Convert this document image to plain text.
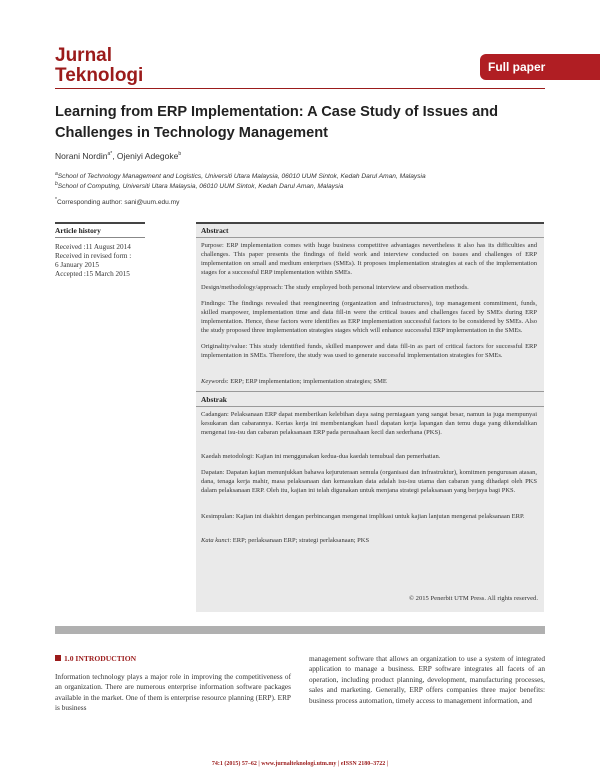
Jurnal
Teknologi	Full paper
Learning from ERP Implementation: A Case Study of Issues and Challenges in Technology Management
Norani Nordin$^{a*}$, Ojeniyi Adegoke$^b$
$^a$School of Technology Management and Logistics, Universiti Utara Malaysia, 06010 UUM Sintok, Kedah Darul Aman, Malaysia
$^b$School of Computing, Universiti Utara Malaysia, 06010 UUM Sintok, Kedah Darul Aman, Malaysia
*Corresponding author: sani@uum.edu.my
Article history
Received :11 August 2014
Received in revised form :
6 January 2015
Accepted :15 March 2015
Abstract
Purpose: ERP implementation comes with huge business competitive advantages nevertheless it also has its difficulties and challenges. This paper presents the findings of field work and interview conducted on issues and challenges of ERP implementation on small and medium enterprises (SMEs). It proposes implementation strategies at each of the implementation stages for a successful ERP implementation within SMEs.
Design/methodology/approach: The study employed both personal interview and observation methods.
Findings: The findings revealed that reengineering (organization and infrastructures), top management commitment, funds, skilled manpower, implementation time and data fill-in were the critical issues and challenges faced by SMEs during ERP implementation. Hence, these factors were identifies as ERP implementation successful factors to be considered by SMEs. Also the study proposed three implementation strategies stages which will enhance successful ERP implementation in the SMEs.
Originality/value: This study identified funds, skilled manpower and data fill-in as part of critical factors for successful ERP implementation in SMEs. Therefore, the study was used to generate successful implementation strategies for SMEs.
Keywords: ERP; ERP implementation; implementation strategies; SME
Abstrak
Cadangan: Pelaksanaan ERP dapat memberikan kelebihan daya saing perniagaan yang sangat besar, namun ia juga mempunyai kesukaran dan cabarannya. Kertas kerja ini membentangkan hasil dapatan kerja lapangan dan temu duga yang dikendalikan mengenai isu-isu dan cabaran pelaksanaan ERP pada perusahaan kecil dan sederhana (PKS).
Kaedah metodologi: Kajian ini menggunakan kedua-dua kaedah temubual dan pemerhatian.
Dapatan: Dapatan kajian menunjukkan bahawa kejuruteraan semula (organisasi dan infrastruktur), komitmen pengurusan atasan, dana, tenaga kerja mahir, masa pelaksanaan dan kemasukan data adalah isu-isu utama dan cabaran yang dihadapi oleh PKS dalam pelaksanaan ERP. Oleh itu, kajian ini telah digunakan untuk menjana strategi pelaksanaan yang berjaya bagi PKS.
Kesimpulan: Kajian ini diakhiri dengan perbincangan mengenai implikasi untuk kajian lanjutan mengenai pelaksanaan ERP.
Kata kunci: ERP; perlaksanaan ERP; strategi perlaksanaan; PKS
© 2015 Penerbit UTM Press. All rights reserved.
1.0 INTRODUCTION
Information technology plays a major role in improving the competitiveness of an organization. There are numerous enterprise information software packages available in the market. One of them is enterprise resource planning (ERP). ERP is business
management software that allows an organization to use a system of integrated application to manage a business. ERP software integrates all facets of an operation, including product planning, development, manufacturing processes, sales and marketing. Generally, ERP offers companies three major benefits: business process automation, timely access to management information, and
74:1 (2015) 57–62 | www.jurnalteknologi.utm.my | eISSN 2180–3722 |
